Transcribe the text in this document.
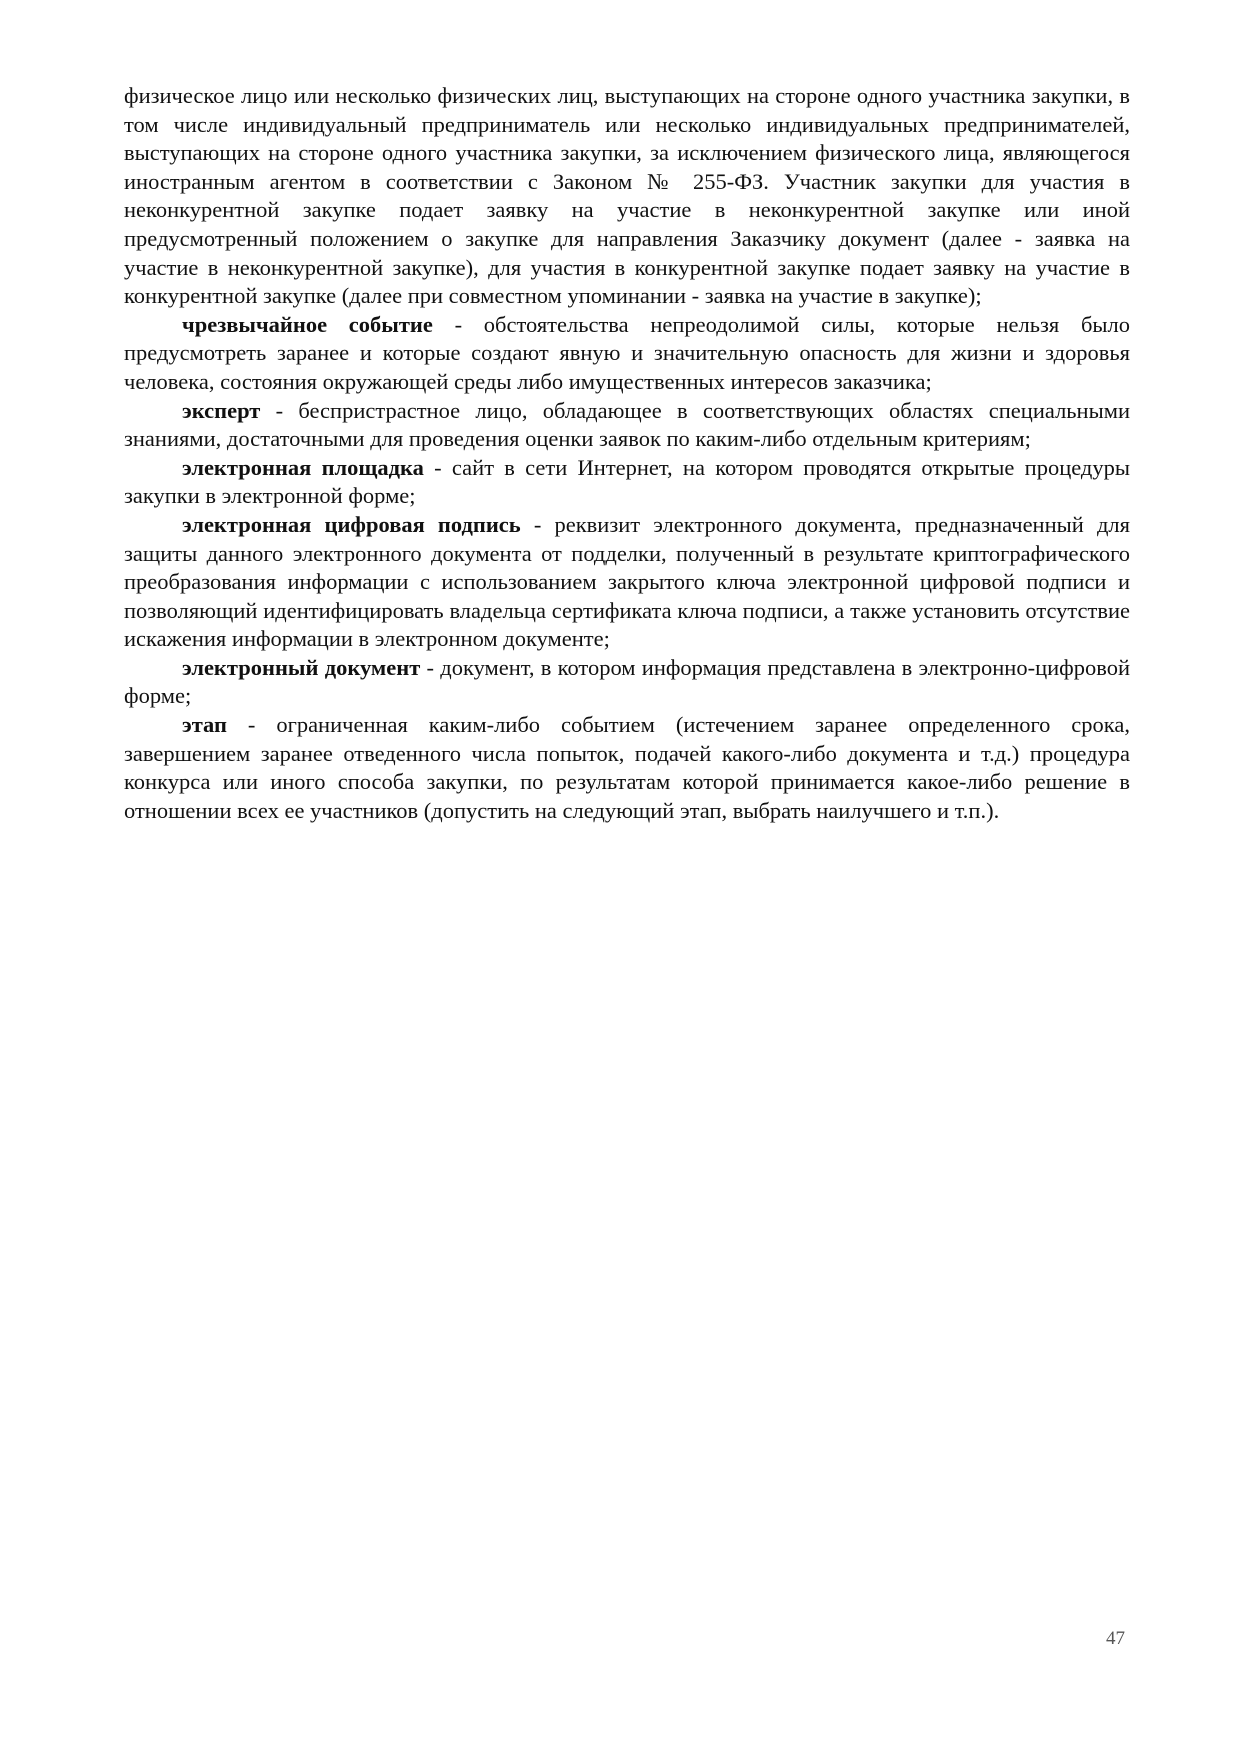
физическое лицо или несколько физических лиц, выступающих на стороне одного участника закупки, в том числе индивидуальный предприниматель или несколько индивидуальных предпринимателей, выступающих на стороне одного участника закупки, за исключением физического лица, являющегося иностранным агентом в соответствии с Законом № 255-ФЗ. Участник закупки для участия в неконкурентной закупке подает заявку на участие в неконкурентной закупке или иной предусмотренный положением о закупке для направления Заказчику документ (далее - заявка на участие в неконкурентной закупке), для участия в конкурентной закупке подает заявку на участие в конкурентной закупке (далее при совместном упоминании - заявка на участие в закупке);

чрезвычайное событие - обстоятельства непреодолимой силы, которые нельзя было предусмотреть заранее и которые создают явную и значительную опасность для жизни и здоровья человека, состояния окружающей среды либо имущественных интересов заказчика;

эксперт - беспристрастное лицо, обладающее в соответствующих областях специальными знаниями, достаточными для проведения оценки заявок по каким-либо отдельным критериям;

электронная площадка - сайт в сети Интернет, на котором проводятся открытые процедуры закупки в электронной форме;

электронная цифровая подпись - реквизит электронного документа, предназначенный для защиты данного электронного документа от подделки, полученный в результате криптографического преобразования информации с использованием закрытого ключа электронной цифровой подписи и позволяющий идентифицировать владельца сертификата ключа подписи, а также установить отсутствие искажения информации в электронном документе;

электронный документ - документ, в котором информация представлена в электронно-цифровой форме;

этап - ограниченная каким-либо событием (истечением заранее определенного срока, завершением заранее отведенного числа попыток, подачей какого-либо документа и т.д.) процедура конкурса или иного способа закупки, по результатам которой принимается какое-либо решение в отношении всех ее участников (допустить на следующий этап, выбрать наилучшего и т.п.).

47
